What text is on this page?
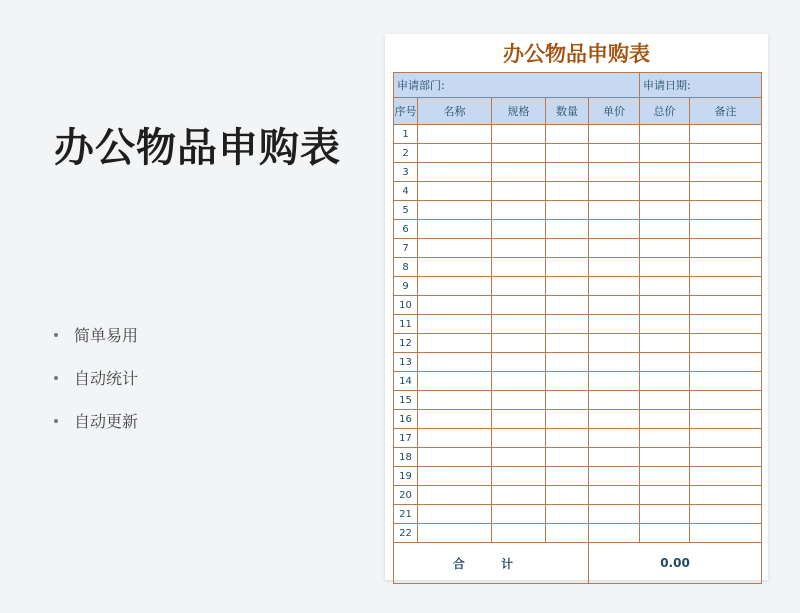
办公物品申购表
简单易用
自动统计
自动更新
办公物品申购表
申请部门:					申请日期:	
序号	名称	规格	数量	单价	总价	备注
1						
2						
3						
4						
5						
6						
7						
8						
9						
10						
11						
12						
13						
14						
15						
16						
17						
18						
19						
20						
21						
22						
合 计				0.00		
